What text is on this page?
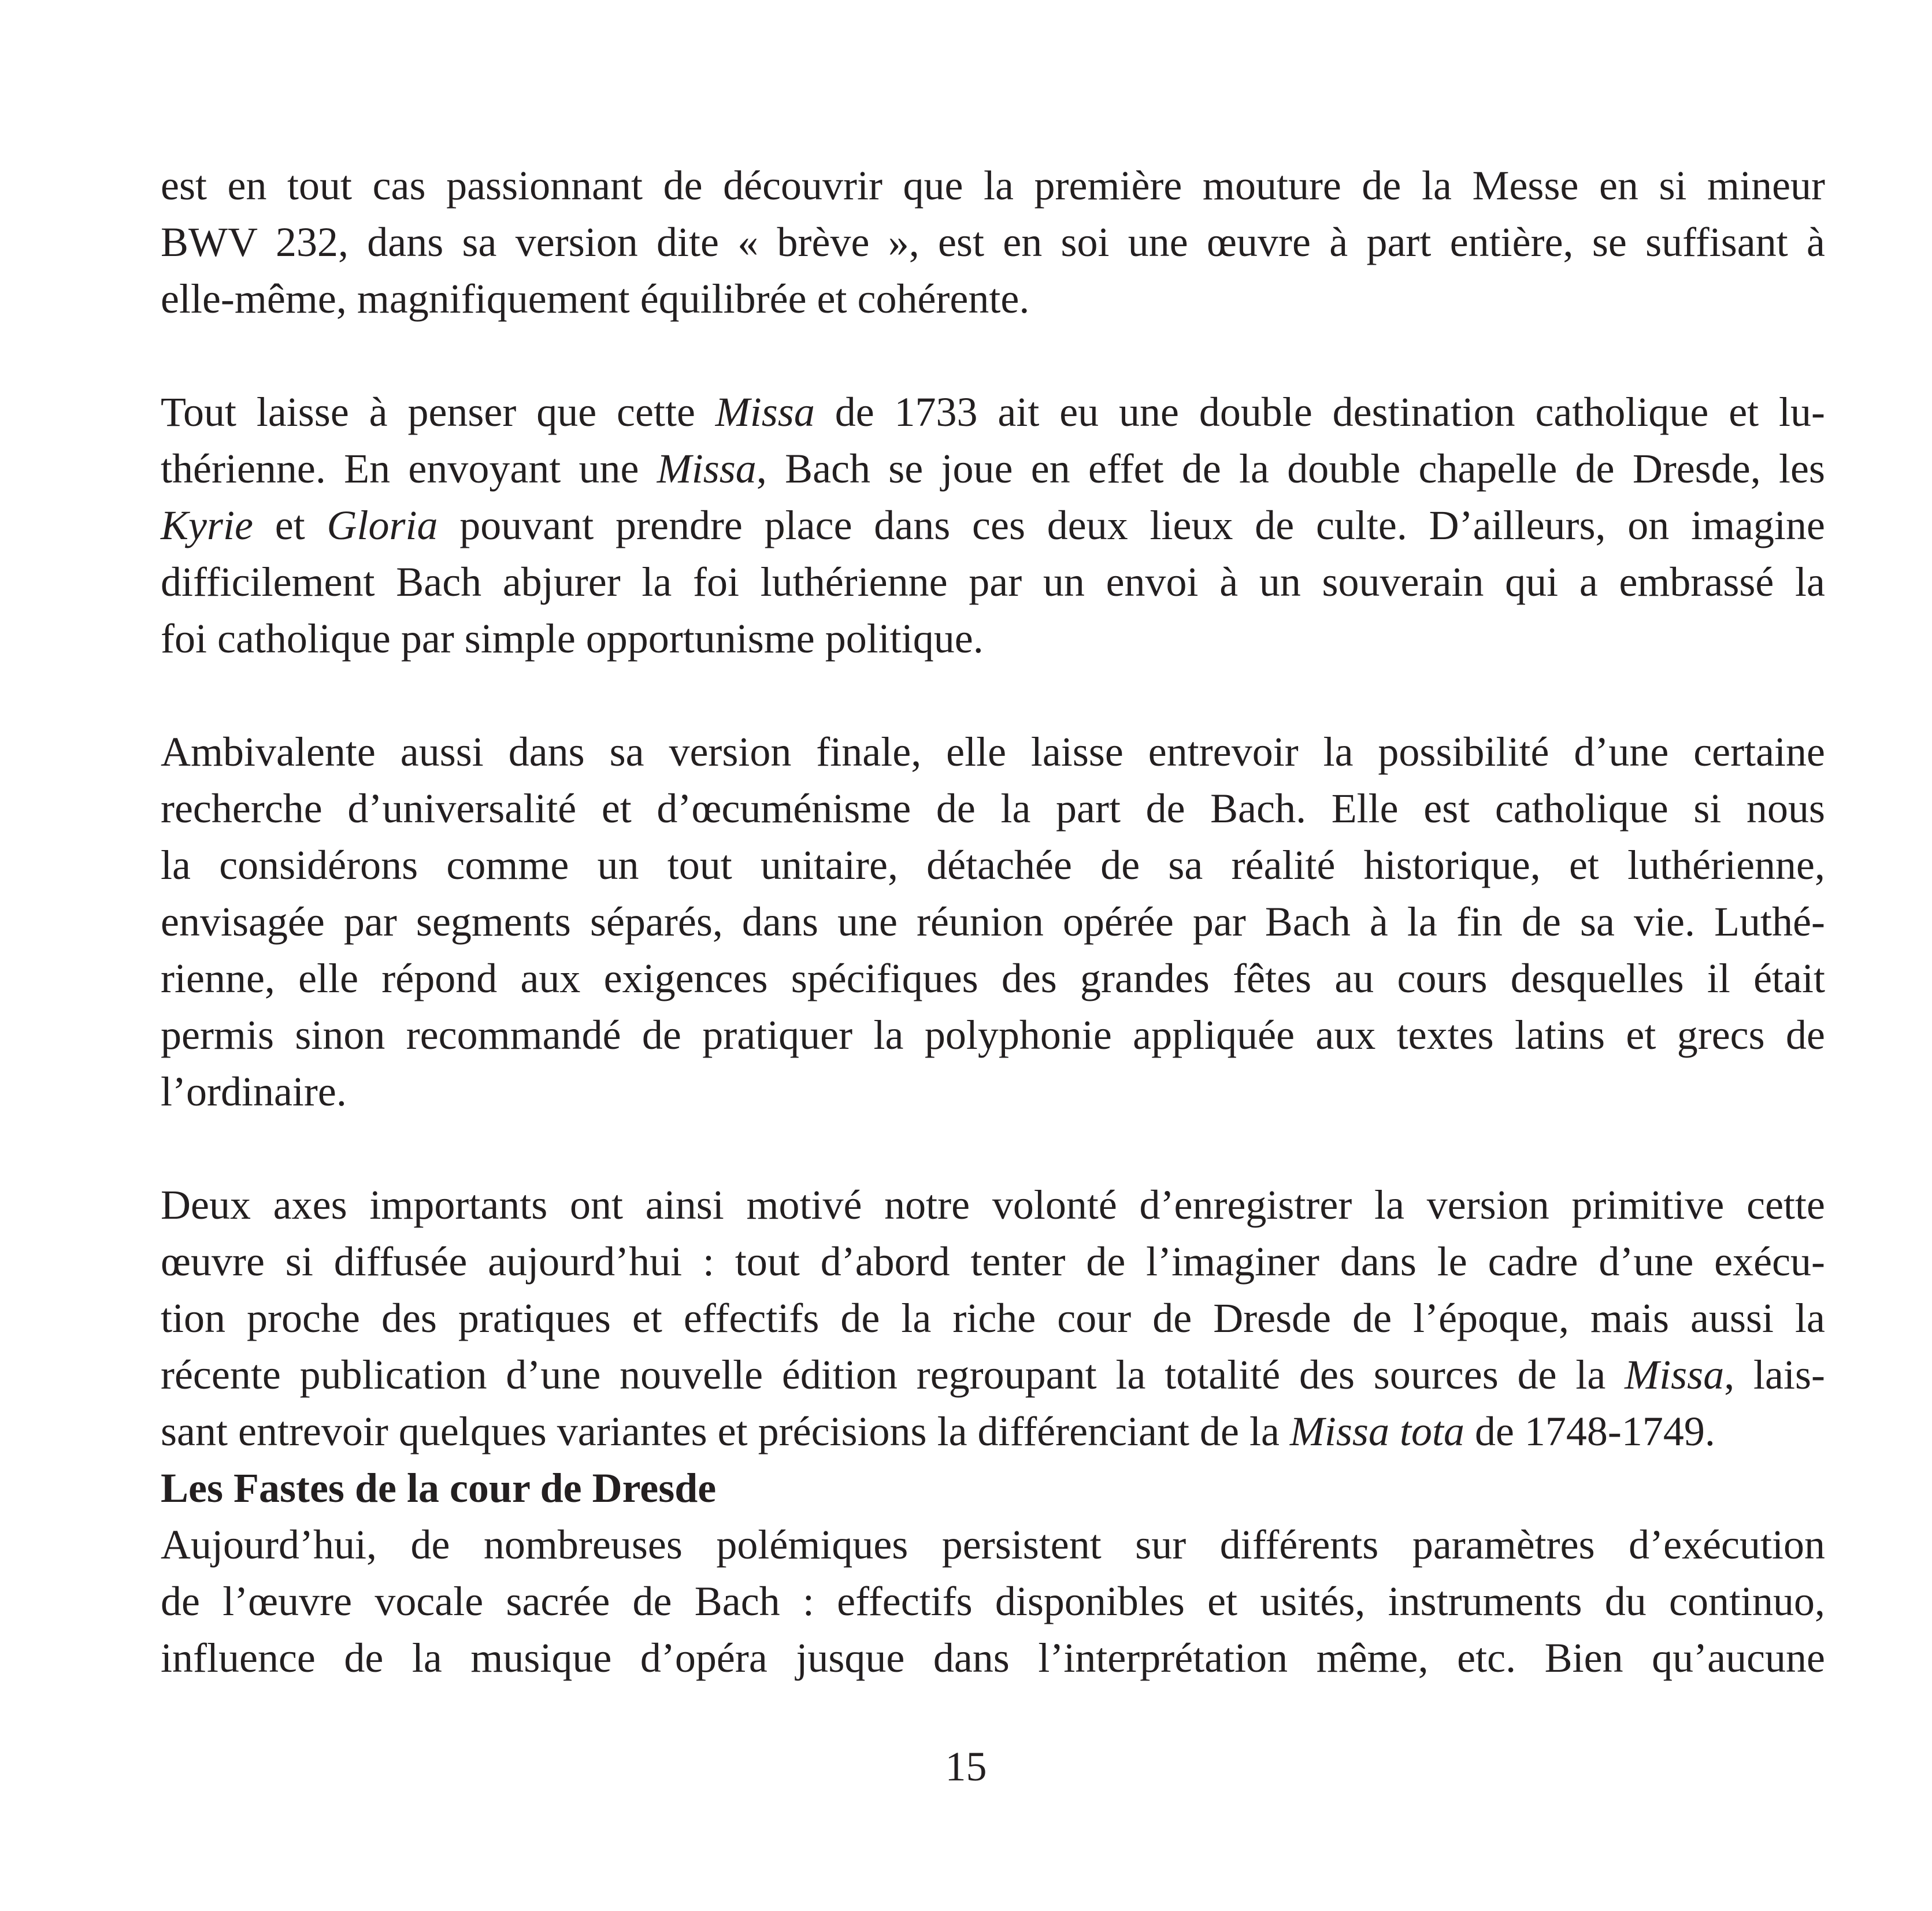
est en tout cas passionnant de découvrir que la première mouture de la Messe en si mineur
BWV 232, dans sa version dite « brève », est en soi une œuvre à part entière, se suffisant à
elle-même, magnifiquement équilibrée et cohérente.
Tout laisse à penser que cette Missa de 1733 ait eu une double destination catholique et lu-
thérienne. En envoyant une Missa, Bach se joue en effet de la double chapelle de Dresde, les
Kyrie et Gloria pouvant prendre place dans ces deux lieux de culte. D’ailleurs, on imagine
difficilement Bach abjurer la foi luthérienne par un envoi à un souverain qui a embrassé la
foi catholique par simple opportunisme politique.
Ambivalente aussi dans sa version finale, elle laisse entrevoir la possibilité d’une certaine
recherche d’universalité et d’œcuménisme de la part de Bach. Elle est catholique si nous
la considérons comme un tout unitaire, détachée de sa réalité historique, et luthérienne,
envisagée par segments séparés, dans une réunion opérée par Bach à la fin de sa vie. Luthé-
rienne, elle répond aux exigences spécifiques des grandes fêtes au cours desquelles il était
permis sinon recommandé de pratiquer la polyphonie appliquée aux textes latins et grecs de
l’ordinaire.
Deux axes importants ont ainsi motivé notre volonté d’enregistrer la version primitive cette
œuvre si diffusée aujourd’hui : tout d’abord tenter de l’imaginer dans le cadre d’une exécu-
tion proche des pratiques et effectifs de la riche cour de Dresde de l’époque, mais aussi la
récente publication d’une nouvelle édition regroupant la totalité des sources de la Missa, lais-
sant entrevoir quelques variantes et précisions la différenciant de la Missa tota de 1748-1749.
Les Fastes de la cour de Dresde
Aujourd’hui, de nombreuses polémiques persistent sur différents paramètres d’exécution
de l’œuvre vocale sacrée de Bach : effectifs disponibles et usités, instruments du continuo,
influence de la musique d’opéra jusque dans l’interprétation même, etc. Bien qu’aucune
15
